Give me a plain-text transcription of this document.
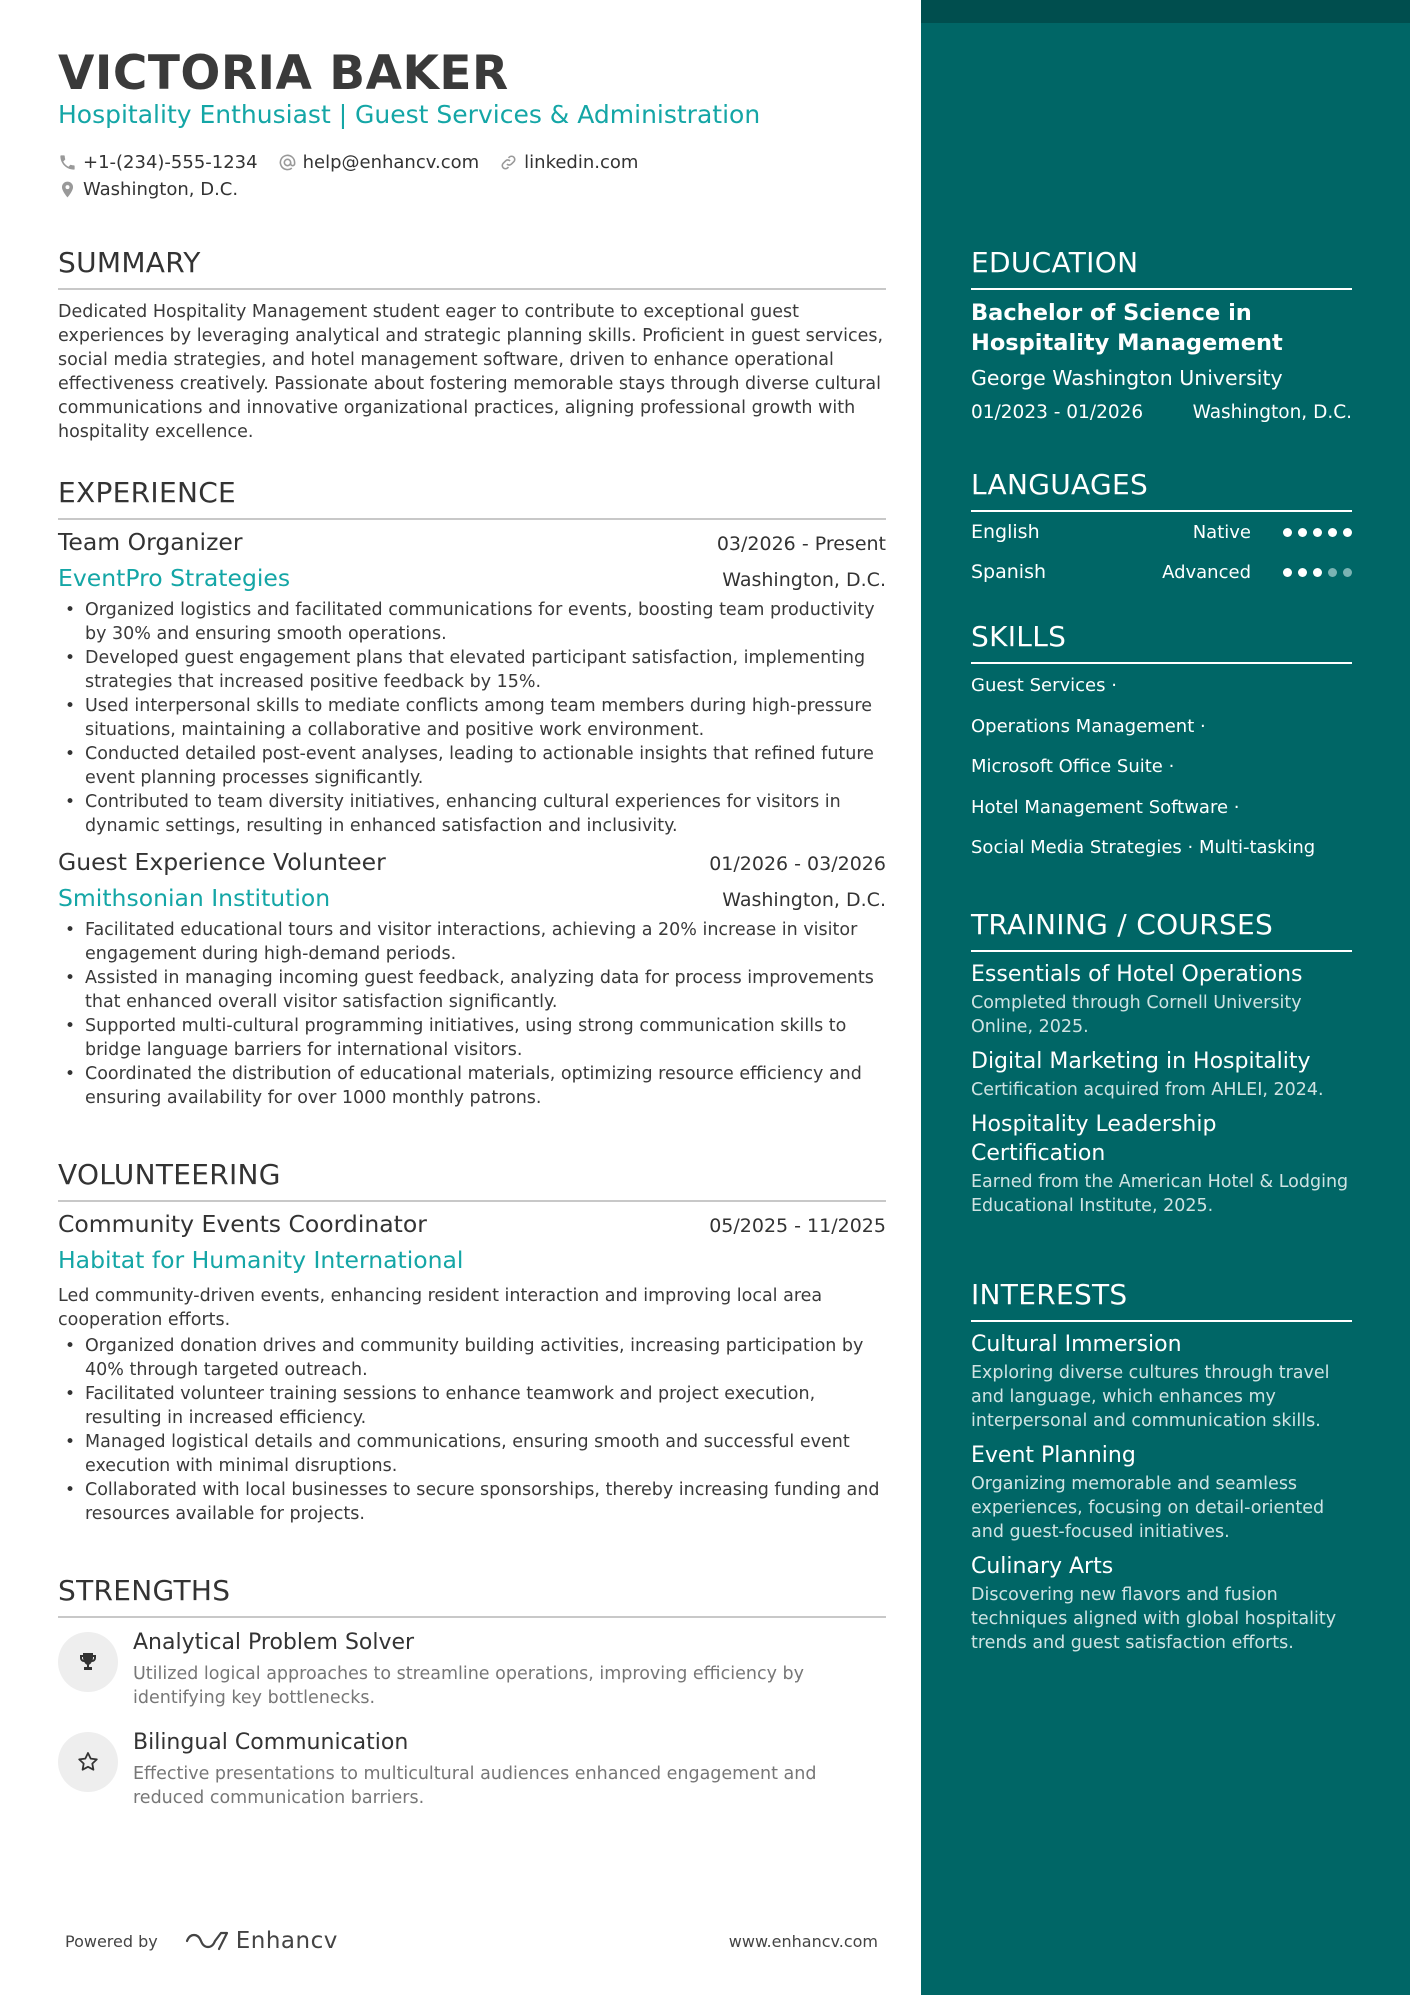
VICTORIA BAKER
Hospitality Enthusiast | Guest Services & Administration
+1-(234)-555-1234	help@enhancv.com	linkedin.com
Washington, D.C.
SUMMARY
Dedicated Hospitality Management student eager to contribute to exceptional guest experiences by leveraging analytical and strategic planning skills. Proficient in guest services, social media strategies, and hotel management software, driven to enhance operational effectiveness creatively. Passionate about fostering memorable stays through diverse cultural communications and innovative organizational practices, aligning professional growth with hospitality excellence.
EXPERIENCE
Team Organizer	03/2026 - Present
EventPro Strategies	Washington, D.C.
• Organized logistics and facilitated communications for events, boosting team productivity by 30% and ensuring smooth operations.
• Developed guest engagement plans that elevated participant satisfaction, implementing strategies that increased positive feedback by 15%.
• Used interpersonal skills to mediate conflicts among team members during high-pressure situations, maintaining a collaborative and positive work environment.
• Conducted detailed post-event analyses, leading to actionable insights that refined future event planning processes significantly.
• Contributed to team diversity initiatives, enhancing cultural experiences for visitors in dynamic settings, resulting in enhanced satisfaction and inclusivity.
Guest Experience Volunteer	01/2026 - 03/2026
Smithsonian Institution	Washington, D.C.
• Facilitated educational tours and visitor interactions, achieving a 20% increase in visitor engagement during high-demand periods.
• Assisted in managing incoming guest feedback, analyzing data for process improvements that enhanced overall visitor satisfaction significantly.
• Supported multi-cultural programming initiatives, using strong communication skills to bridge language barriers for international visitors.
• Coordinated the distribution of educational materials, optimizing resource efficiency and ensuring availability for over 1000 monthly patrons.
VOLUNTEERING
Community Events Coordinator	05/2025 - 11/2025
Habitat for Humanity International
Led community-driven events, enhancing resident interaction and improving local area cooperation efforts.
• Organized donation drives and community building activities, increasing participation by 40% through targeted outreach.
• Facilitated volunteer training sessions to enhance teamwork and project execution, resulting in increased efficiency.
• Managed logistical details and communications, ensuring smooth and successful event execution with minimal disruptions.
• Collaborated with local businesses to secure sponsorships, thereby increasing funding and resources available for projects.
STRENGTHS
Analytical Problem Solver
Utilized logical approaches to streamline operations, improving efficiency by identifying key bottlenecks.
Bilingual Communication
Effective presentations to multicultural audiences enhanced engagement and reduced communication barriers.
Powered by	Enhancv	www.enhancv.com
EDUCATION
Bachelor of Science in Hospitality Management
George Washington University
01/2023 - 01/2026	Washington, D.C.
LANGUAGES
English	Native
Spanish	Advanced
SKILLS
Guest Services ·
Operations Management ·
Microsoft Office Suite ·
Hotel Management Software ·
Social Media Strategies · Multi-tasking
TRAINING / COURSES
Essentials of Hotel Operations
Completed through Cornell University Online, 2025.
Digital Marketing in Hospitality
Certification acquired from AHLEI, 2024.
Hospitality Leadership Certification
Earned from the American Hotel & Lodging Educational Institute, 2025.
INTERESTS
Cultural Immersion
Exploring diverse cultures through travel and language, which enhances my interpersonal and communication skills.
Event Planning
Organizing memorable and seamless experiences, focusing on detail-oriented and guest-focused initiatives.
Culinary Arts
Discovering new flavors and fusion techniques aligned with global hospitality trends and guest satisfaction efforts.
